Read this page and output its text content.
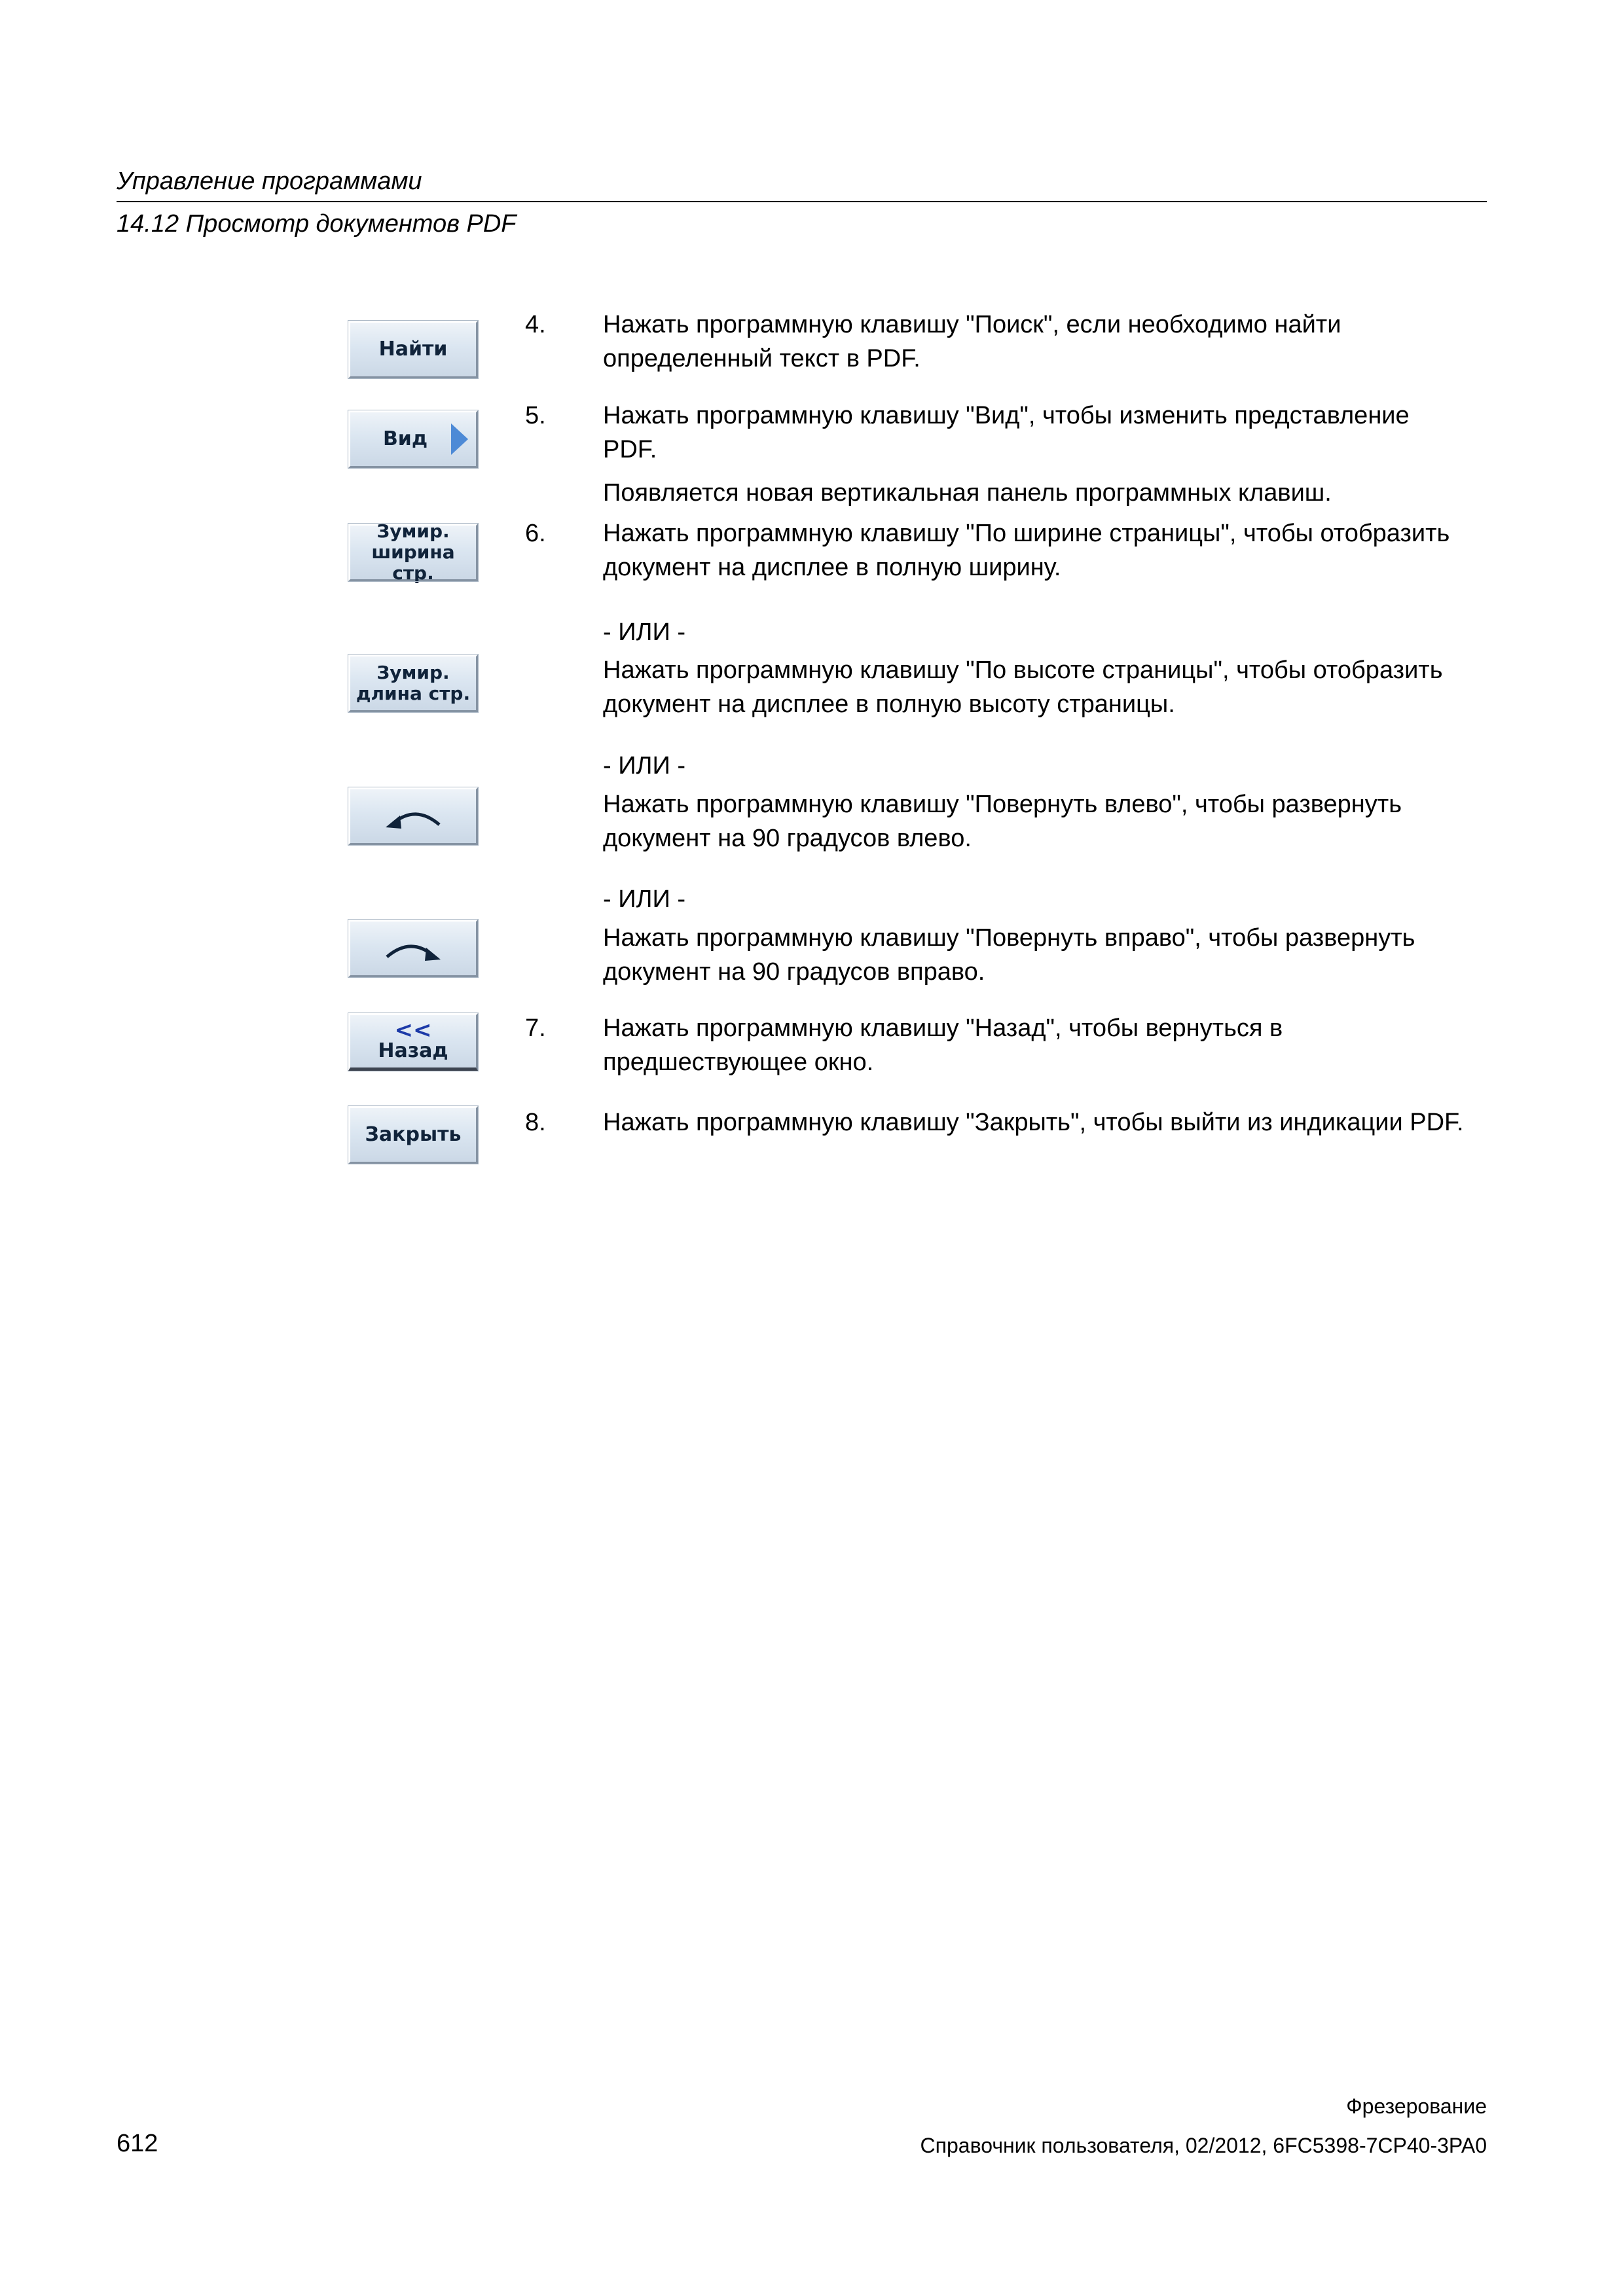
Управление программами
14.12 Просмотр документов PDF
Найти
Вид
Зумир.
ширина стр.
Зумир.
длина стр.
<<
Назад
Закрыть
4. Нажать программную клавишу "Поиск", если необходимо найти определенный текст в PDF.
5. Нажать программную клавишу "Вид", чтобы изменить представление PDF.
Появляется новая вертикальная панель программных клавиш.
6. Нажать программную клавишу "По ширине страницы", чтобы отобразить документ на дисплее в полную ширину.
- ИЛИ -
Нажать программную клавишу "По высоте страницы", чтобы отобразить документ на дисплее в полную высоту страницы.
- ИЛИ -
Нажать программную клавишу "Повернуть влево", чтобы развернуть документ на 90 градусов влево.
- ИЛИ -
Нажать программную клавишу "Повернуть вправо", чтобы развернуть документ на 90 градусов вправо.
7. Нажать программную клавишу "Назад", чтобы вернуться в предшествующее окно.
8. Нажать программную клавишу "Закрыть", чтобы выйти из индикации PDF.
Фрезерование
612	Справочник пользователя, 02/2012, 6FC5398-7CP40-3PA0
